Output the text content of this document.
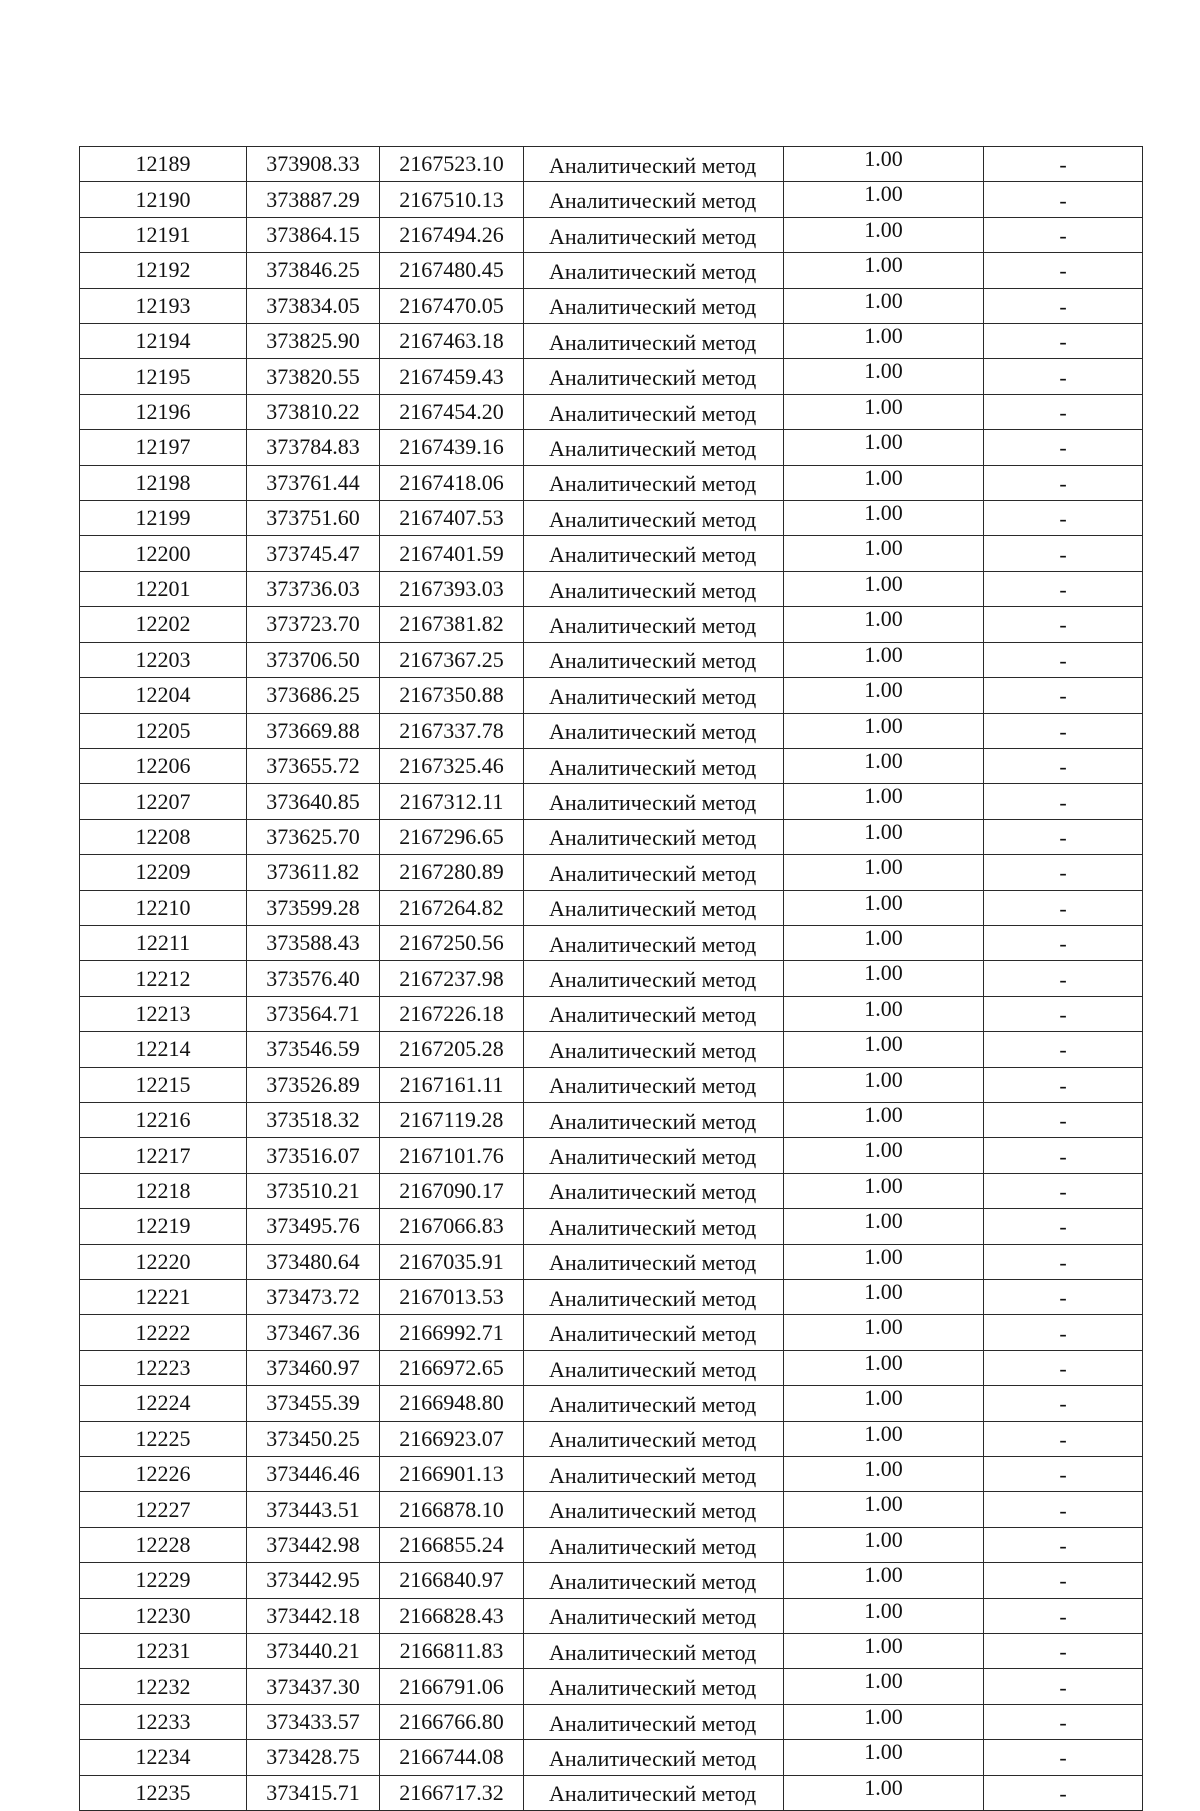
12189	373908.33	2167523.10	Аналитический метод	1.00	-
12190	373887.29	2167510.13	Аналитический метод	1.00	-
12191	373864.15	2167494.26	Аналитический метод	1.00	-
12192	373846.25	2167480.45	Аналитический метод	1.00	-
12193	373834.05	2167470.05	Аналитический метод	1.00	-
12194	373825.90	2167463.18	Аналитический метод	1.00	-
12195	373820.55	2167459.43	Аналитический метод	1.00	-
12196	373810.22	2167454.20	Аналитический метод	1.00	-
12197	373784.83	2167439.16	Аналитический метод	1.00	-
12198	373761.44	2167418.06	Аналитический метод	1.00	-
12199	373751.60	2167407.53	Аналитический метод	1.00	-
12200	373745.47	2167401.59	Аналитический метод	1.00	-
12201	373736.03	2167393.03	Аналитический метод	1.00	-
12202	373723.70	2167381.82	Аналитический метод	1.00	-
12203	373706.50	2167367.25	Аналитический метод	1.00	-
12204	373686.25	2167350.88	Аналитический метод	1.00	-
12205	373669.88	2167337.78	Аналитический метод	1.00	-
12206	373655.72	2167325.46	Аналитический метод	1.00	-
12207	373640.85	2167312.11	Аналитический метод	1.00	-
12208	373625.70	2167296.65	Аналитический метод	1.00	-
12209	373611.82	2167280.89	Аналитический метод	1.00	-
12210	373599.28	2167264.82	Аналитический метод	1.00	-
12211	373588.43	2167250.56	Аналитический метод	1.00	-
12212	373576.40	2167237.98	Аналитический метод	1.00	-
12213	373564.71	2167226.18	Аналитический метод	1.00	-
12214	373546.59	2167205.28	Аналитический метод	1.00	-
12215	373526.89	2167161.11	Аналитический метод	1.00	-
12216	373518.32	2167119.28	Аналитический метод	1.00	-
12217	373516.07	2167101.76	Аналитический метод	1.00	-
12218	373510.21	2167090.17	Аналитический метод	1.00	-
12219	373495.76	2167066.83	Аналитический метод	1.00	-
12220	373480.64	2167035.91	Аналитический метод	1.00	-
12221	373473.72	2167013.53	Аналитический метод	1.00	-
12222	373467.36	2166992.71	Аналитический метод	1.00	-
12223	373460.97	2166972.65	Аналитический метод	1.00	-
12224	373455.39	2166948.80	Аналитический метод	1.00	-
12225	373450.25	2166923.07	Аналитический метод	1.00	-
12226	373446.46	2166901.13	Аналитический метод	1.00	-
12227	373443.51	2166878.10	Аналитический метод	1.00	-
12228	373442.98	2166855.24	Аналитический метод	1.00	-
12229	373442.95	2166840.97	Аналитический метод	1.00	-
12230	373442.18	2166828.43	Аналитический метод	1.00	-
12231	373440.21	2166811.83	Аналитический метод	1.00	-
12232	373437.30	2166791.06	Аналитический метод	1.00	-
12233	373433.57	2166766.80	Аналитический метод	1.00	-
12234	373428.75	2166744.08	Аналитический метод	1.00	-
12235	373415.71	2166717.32	Аналитический метод	1.00	-
